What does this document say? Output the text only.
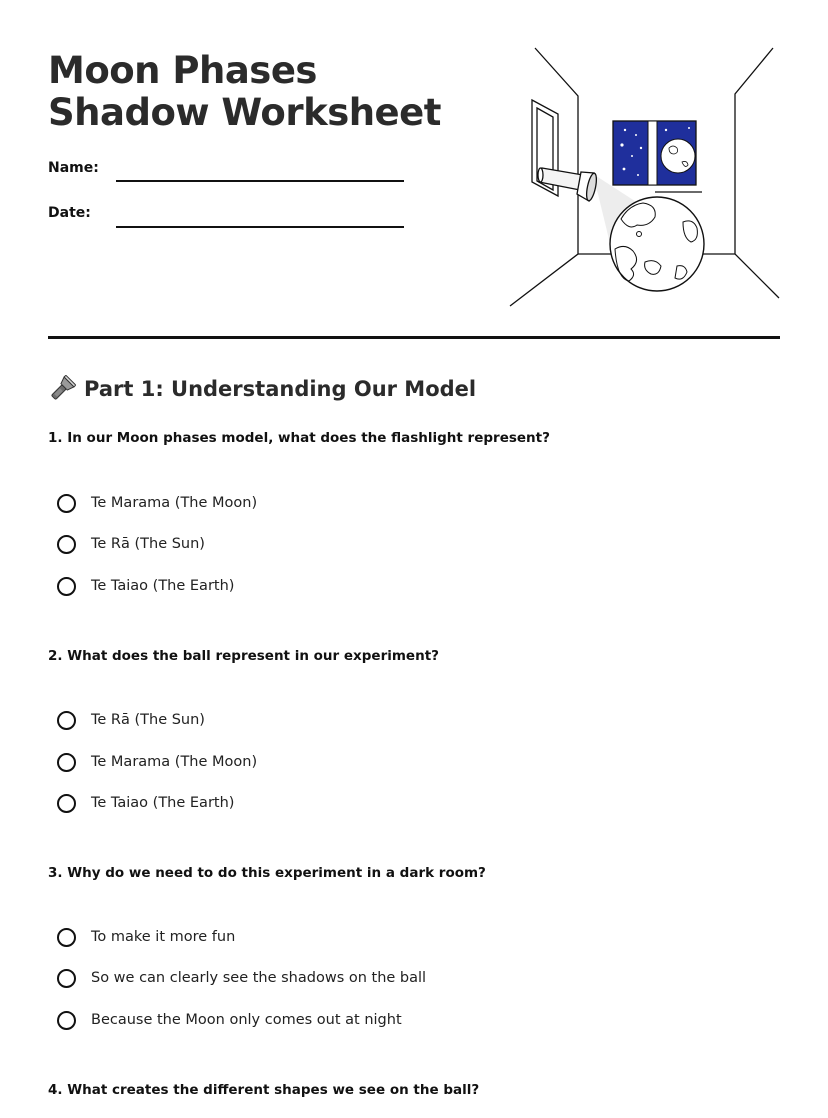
Moon Phases Shadow Worksheet
Name:
Date:
Part 1: Understanding Our Model

1. In our Moon phases model, what does the flashlight represent?

Te Marama (The Moon)
Te Rā (The Sun)
Te Taiao (The Earth)

2. What does the ball represent in our experiment?

Te Rā (The Sun)
Te Marama (The Moon)
Te Taiao (The Earth)

3. Why do we need to do this experiment in a dark room?

To make it more fun
So we can clearly see the shadows on the ball
Because the Moon only comes out at night

4. What creates the different shapes we see on the ball?
